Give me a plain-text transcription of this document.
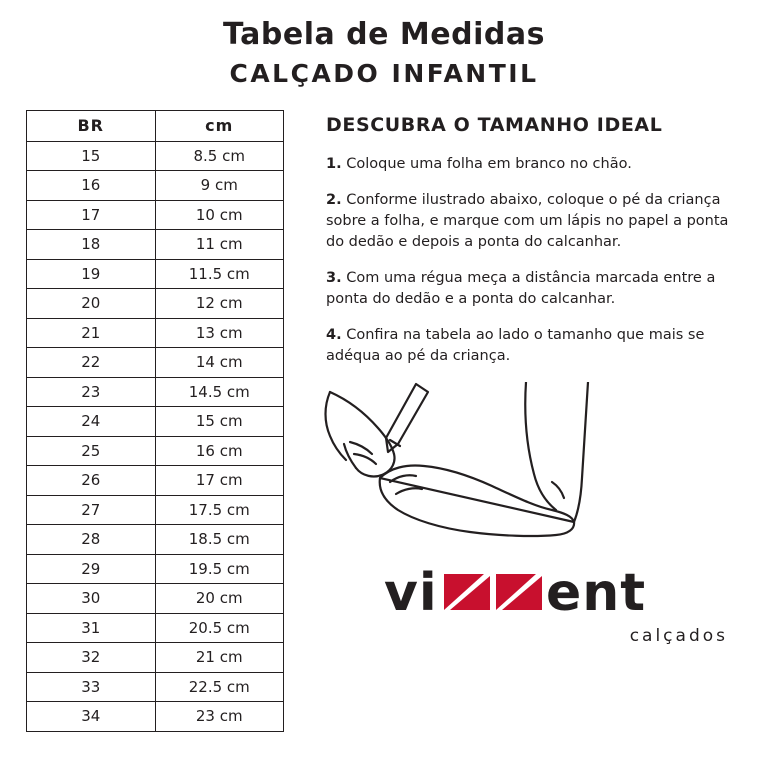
Tabela de Medidas
CALÇADO INFANTIL
BR	cm
15	8.5 cm
16	9 cm
17	10 cm
18	11 cm
19	11.5 cm
20	12 cm
21	13 cm
22	14 cm
23	14.5 cm
24	15 cm
25	16 cm
26	17 cm
27	17.5 cm
28	18.5 cm
29	19.5 cm
30	20 cm
31	20.5 cm
32	21 cm
33	22.5 cm
34	23 cm
DESCUBRA O TAMANHO IDEAL
1. Coloque uma folha em branco no chão.
2. Conforme ilustrado abaixo, coloque o pé da criança sobre a folha, e marque com um lápis no papel a ponta do dedão e depois a ponta do calcanhar.
3. Com uma régua meça a distância marcada entre a ponta do dedão e a ponta do calcanhar.
4. Confira na tabela ao lado o tamanho que mais se adéqua ao pé da criança.
vi ent
calçados
